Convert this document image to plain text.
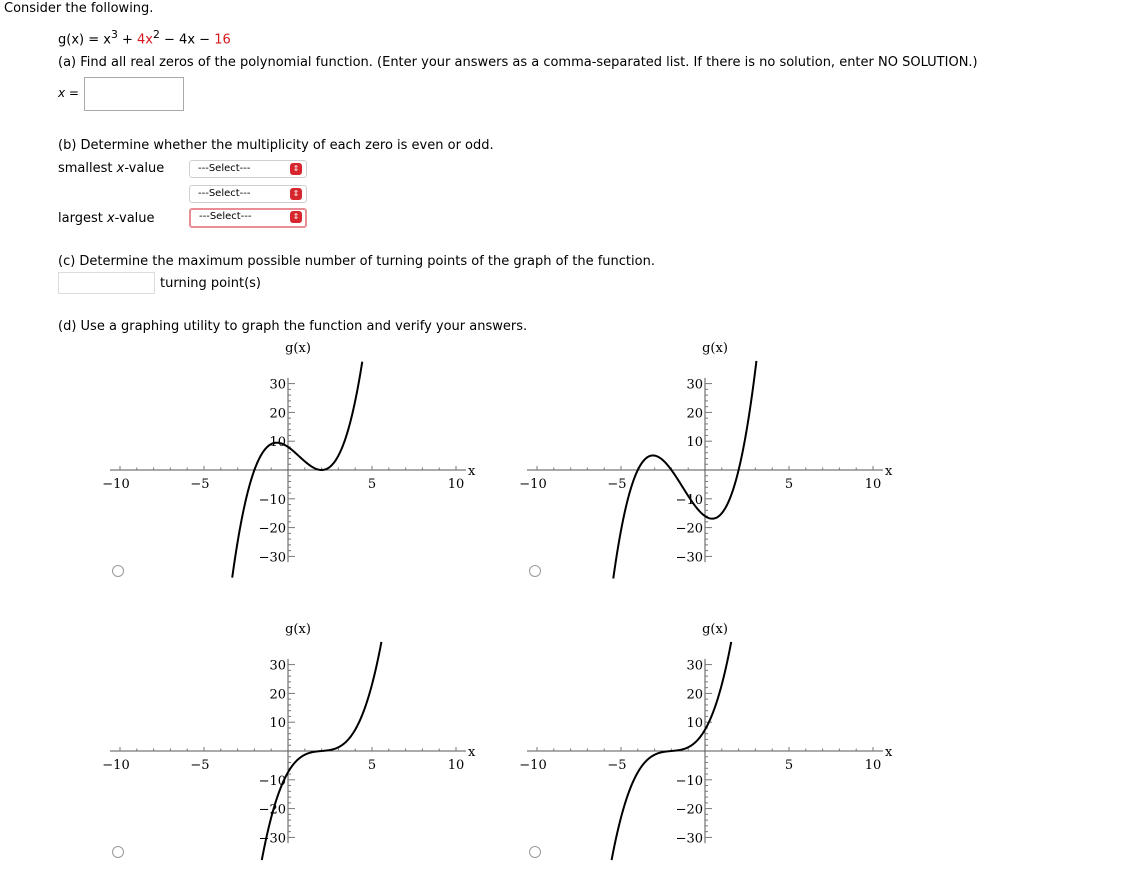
Consider the following.
$g(x) = x^3 + 4x^2 - 4x - 16$
(a) Find all real zeros of the polynomial function. (Enter your answers as a comma-separated list. If there is no solution, enter NO SOLUTION.)
x =
(b) Determine whether the multiplicity of each zero is even or odd.
smallest x-value
largest x-value
---Select---	⇕
---Select---	⇕
---Select---	⇕
(c) Determine the maximum possible number of turning points of the graph of the function.
turning point(s)
(d) Use a graphing utility to graph the function and verify your answers.
−10	−5	5	10
30
20
10
−10
−20
−30
g(x)
x
−10	−5	5	10
30
20
10
−10
−20
−30
g(x)
x
−10	−5	5	10
30
20
10
−10
−20
−30
g(x)
x
−10	−5	5	10
30
20
10
−10
−20
−30
g(x)
x
